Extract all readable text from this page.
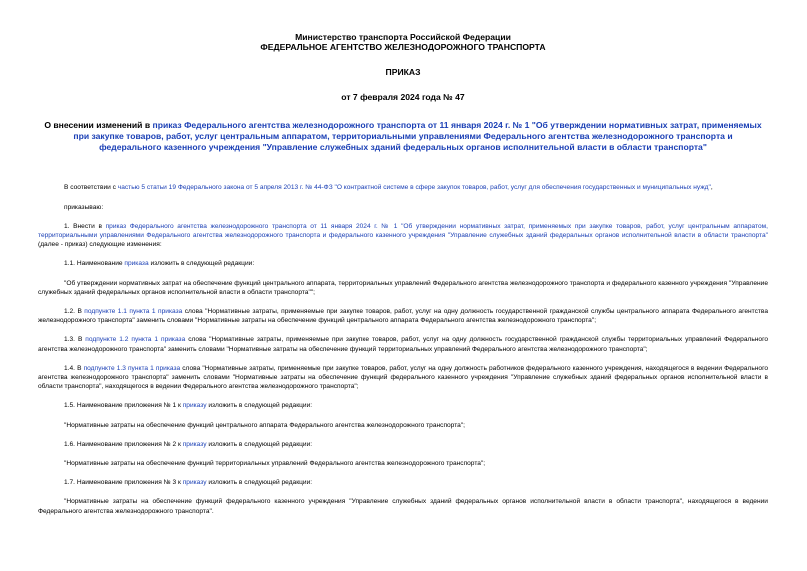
Министерство транспорта Российской Федерации
ФЕДЕРАЛЬНОЕ АГЕНТСТВО ЖЕЛЕЗНОДОРОЖНОГО ТРАНСПОРТА
ПРИКАЗ
от 7 февраля 2024 года № 47
О внесении изменений в приказ Федерального агентства железнодорожного транспорта от 11 января 2024 г. № 1 "Об утверждении нормативных затрат, применяемых при закупке товаров, работ, услуг центральным аппаратом, территориальными управлениями Федерального агентства железнодорожного транспорта и федерального казенного учреждения "Управление служебных зданий федеральных органов исполнительной власти в области транспорта"

В соответствии с частью 5 статьи 19 Федерального закона от 5 апреля 2013 г. № 44-ФЗ "О контрактной системе в сфере закупок товаров, работ, услуг для обеспечения государственных и муниципальных нужд",

приказываю:

1. Внести в приказ Федерального агентства железнодорожного транспорта от 11 января 2024 г. № 1 "Об утверждении нормативных затрат, применяемых при закупке товаров, работ, услуг центральным аппаратом, территориальными управлениями Федерального агентства железнодорожного транспорта и федерального казенного учреждения "Управление служебных зданий федеральных органов исполнительной власти в области транспорта" (далее - приказ) следующие изменения:

1.1. Наименование приказа изложить в следующей редакции:

"Об утверждении нормативных затрат на обеспечение функций центрального аппарата, территориальных управлений Федерального агентства железнодорожного транспорта и федерального казенного учреждения "Управление служебных зданий федеральных органов исполнительной власти в области транспорта"";

1.2. В подпункте 1.1 пункта 1 приказа слова "Нормативные затраты, применяемые при закупке товаров, работ, услуг на одну должность государственной гражданской службы центрального аппарата Федерального агентства железнодорожного транспорта" заменить словами "Нормативные затраты на обеспечение функций центрального аппарата Федерального агентства железнодорожного транспорта";

1.3. В подпункте 1.2 пункта 1 приказа слова "Нормативные затраты, применяемые при закупке товаров, работ, услуг на одну должность государственной гражданской службы территориальных управлений Федерального агентства железнодорожного транспорта" заменить словами "Нормативные затраты на обеспечение функций территориальных управлений Федерального агентства железнодорожного транспорта";

1.4. В подпункте 1.3 пункта 1 приказа слова "Нормативные затраты, применяемые при закупке товаров, работ, услуг на одну должность работников федерального казенного учреждения, находящегося в ведении Федерального агентства железнодорожного транспорта" заменить словами "Нормативные затраты на обеспечение функций федерального казенного учреждения "Управление служебных зданий федеральных органов исполнительной власти в области транспорта", находящегося в ведении Федерального агентства железнодорожного транспорта";

1.5. Наименование приложения № 1 к приказу изложить в следующей редакции:

"Нормативные затраты на обеспечение функций центрального аппарата Федерального агентства железнодорожного транспорта";

1.6. Наименование приложения № 2 к приказу изложить в следующей редакции:

"Нормативные затраты на обеспечение функций территориальных управлений Федерального агентства железнодорожного транспорта";

1.7. Наименование приложения № 3 к приказу изложить в следующей редакции:

"Нормативные затраты на обеспечение функций федерального казенного учреждения "Управление служебных зданий федеральных органов исполнительной власти в области транспорта", находящегося в ведении Федерального агентства железнодорожного транспорта".
